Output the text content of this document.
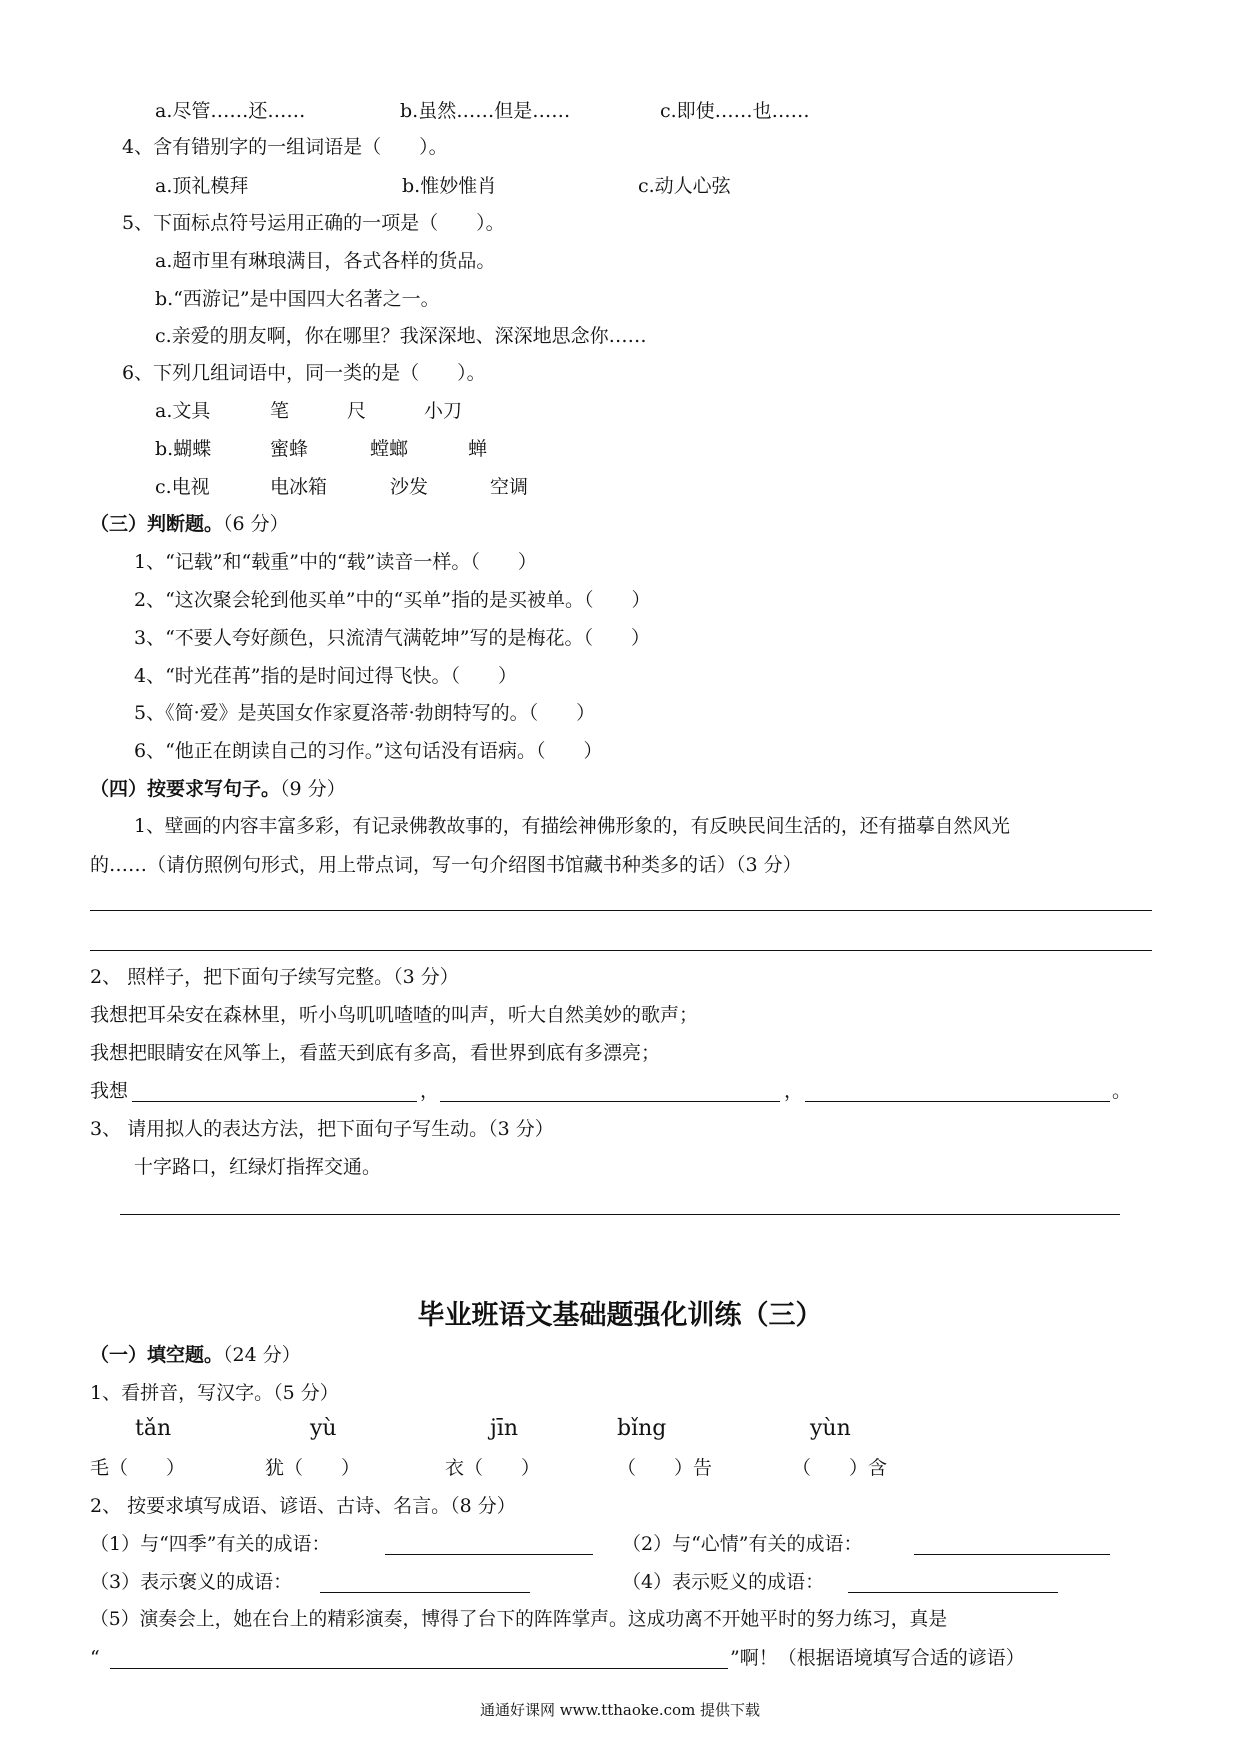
a.尽管……还……	b.虽然……但是……	c.即使……也……
4、含有错别字的一组词语是（　　）。
a.顶礼模拜	b.惟妙惟肖	c.动人心弦
5、下面标点符号运用正确的一项是（　　）。
a.超市里有琳琅满目，各式各样的货品。
b.“西游记”是中国四大名著之一。
c.亲爱的朋友啊，你在哪里？我深深地、深深地思念你……
6、下列几组词语中，同一类的是（　　）。
a.文具	笔	尺	小刀
b.蝴蝶	蜜蜂	螳螂	蝉
c.电视	电冰箱	沙发	空调
（三）判断题。（6 分）
1、“记载”和“载重”中的“载”读音一样。（　　）
2、“这次聚会轮到他买单”中的“买单”指的是买被单。（　　）
3、“不要人夸好颜色，只流清气满乾坤”写的是梅花。（　　）
4、“时光荏苒”指的是时间过得飞快。（　　）
5、《简·爱》是英国女作家夏洛蒂·勃朗特写的。（　　）
6、“他正在朗读自己的习作。”这句话没有语病。（　　）
（四）按要求写句子。（9 分）
1、壁画的内容丰富多彩，有记录佛教故事的，有描绘神佛形象的，有反映民间生活的，还有描摹自然风光
的……（请仿照例句形式，用上带点词，写一句介绍图书馆藏书种类多的话）（3 分）
2、 照样子，把下面句子续写完整。（3 分）
我想把耳朵安在森林里，听小鸟叽叽喳喳的叫声，听大自然美妙的歌声；
我想把眼睛安在风筝上，看蓝天到底有多高，看世界到底有多漂亮；
我想	，	，	。
3、 请用拟人的表达方法，把下面句子写生动。（3 分）
十字路口，红绿灯指挥交通。
毕业班语文基础题强化训练（三）
（一）填空题。（24 分）
1、看拼音，写汉字。（5 分）
tǎn	yù	jīn	bǐng	yùn
毛（　　）	犹（　　）	衣（　　）	（　　）告	（　　）含
2、 按要求填写成语、谚语、古诗、名言。（8 分）
（1）与“四季”有关的成语：	（2）与“心情”有关的成语：
（3）表示褒义的成语：	（4）表示贬义的成语：
（5）演奏会上，她在台上的精彩演奏，博得了台下的阵阵掌声。这成功离不开她平时的努力练习，真是
“	”啊！（根据语境填写合适的谚语）
通通好课网 www.tthaoke.com 提供下载
